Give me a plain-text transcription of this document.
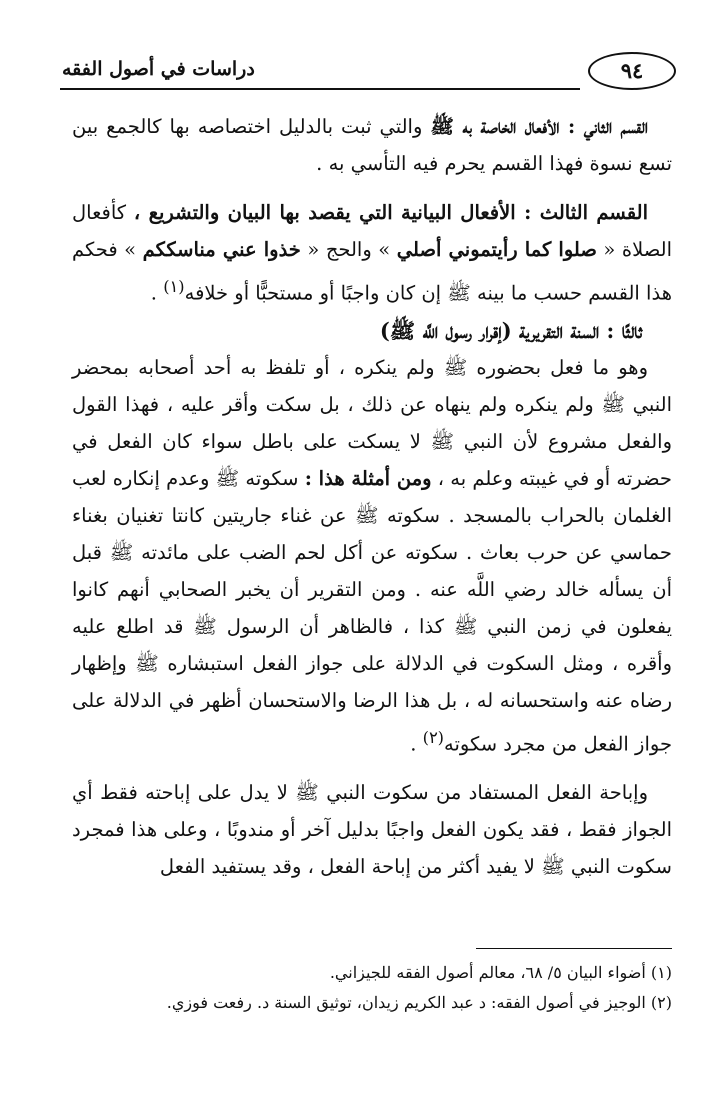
دراسات في أصول الفقه	٩٤

القسم الثاني : الأفعال الخاصة به ﷺ والتي ثبت بالدليل اختصاصه بها كالجمع بين تسع نسوة فهذا القسم يحرم فيه التأسي به .

القسم الثالث : الأفعال البيانية التي يقصد بها البيان والتشريع ، كأفعال الصلاة « صلوا كما رأيتموني أصلي » والحج « خذوا عني مناسككم » فحكم هذا القسم حسب ما بينه ﷺ إن كان واجبًا أو مستحبًّا أو خلافه$^{(١)}$ .

ثالثًا : السنة التقريرية (إقرار رسول اللَّه ﷺ)

وهو ما فعل بحضوره ﷺ ولم ينكره ، أو تلفظ به أحد أصحابه بمحضر النبي ﷺ ولم ينكره ولم ينهاه عن ذلك ، بل سكت وأقر عليه ، فهذا القول والفعل مشروع لأن النبي ﷺ لا يسكت على باطل سواء كان الفعل في حضرته أو في غيبته وعلم به ، ومن أمثلة هذا : سكوته ﷺ وعدم إنكاره لعب الغلمان بالحراب بالمسجد . سكوته ﷺ عن غناء جاريتين كانتا تغنيان بغناء حماسي عن حرب بعاث . سكوته عن أكل لحم الضب على مائدته ﷺ قبل أن يسأله خالد رضي اللَّه عنه . ومن التقرير أن يخبر الصحابي أنهم كانوا يفعلون في زمن النبي ﷺ كذا ، فالظاهر أن الرسول ﷺ قد اطلع عليه وأقره ، ومثل السكوت في الدلالة على جواز الفعل استبشاره ﷺ وإظهار رضاه عنه واستحسانه له ، بل هذا الرضا والاستحسان أظهر في الدلالة على جواز الفعل من مجرد سكوته$^{(٢)}$ .

وإباحة الفعل المستفاد من سكوت النبي ﷺ لا يدل على إباحته فقط أي الجواز فقط ، فقد يكون الفعل واجبًا بدليل آخر أو مندوبًا ، وعلى هذا فمجرد سكوت النبي ﷺ لا يفيد أكثر من إباحة الفعل ، وقد يستفيد الفعل

(١) أضواء البيان ٥/ ٦٨، معالم أصول الفقه للجيزاني.

(٢) الوجيز في أصول الفقه: د عبد الكريم زيدان، توثيق السنة د. رفعت فوزي.
